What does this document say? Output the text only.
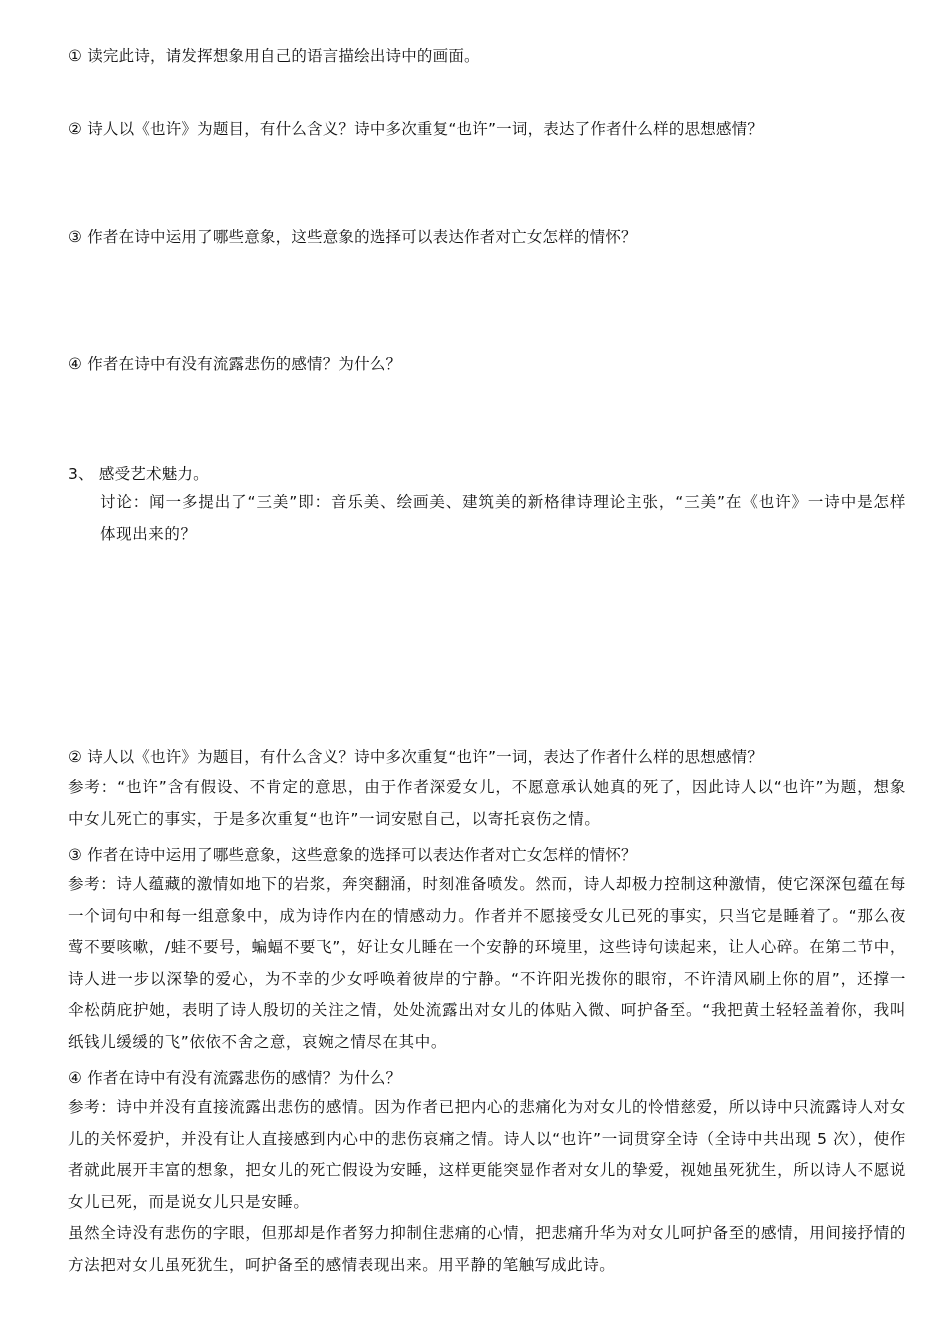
① 读完此诗，请发挥想象用自己的语言描绘出诗中的画面。
② 诗人以《也许》为题目，有什么含义？诗中多次重复“也许”一词，表达了作者什么样的思想感情？
③ 作者在诗中运用了哪些意象，这些意象的选择可以表达作者对亡女怎样的情怀？
④ 作者在诗中有没有流露悲伤的感情？为什么？
3、 感受艺术魅力。
讨论：闻一多提出了“三美”即：音乐美、绘画美、建筑美的新格律诗理论主张，“三美”在《也许》一诗中是怎样体现出来的？
② 诗人以《也许》为题目，有什么含义？诗中多次重复“也许”一词，表达了作者什么样的思想感情？
参考：“也许”含有假设、不肯定的意思，由于作者深爱女儿，不愿意承认她真的死了，因此诗人以“也许”为题，想象中女儿死亡的事实，于是多次重复“也许”一词安慰自己，以寄托哀伤之情。
③ 作者在诗中运用了哪些意象，这些意象的选择可以表达作者对亡女怎样的情怀？
参考：诗人蕴藏的激情如地下的岩浆，奔突翻涌，时刻准备喷发。然而，诗人却极力控制这种激情，使它深深包蕴在每一个词句中和每一组意象中，成为诗作内在的情感动力。作者并不愿接受女儿已死的事实，只当它是睡着了。“那么夜莺不要咳嗽，/蛙不要号，蝙蝠不要飞”，好让女儿睡在一个安静的环境里，这些诗句读起来，让人心碎。在第二节中，诗人进一步以深挚的爱心，为不幸的少女呼唤着彼岸的宁静。“不许阳光拨你的眼帘，不许清风刷上你的眉”，还撑一伞松荫庇护她，表明了诗人殷切的关注之情，处处流露出对女儿的体贴入微、呵护备至。“我把黄土轻轻盖着你，我叫纸钱儿缓缓的飞”依依不舍之意，哀婉之情尽在其中。
④ 作者在诗中有没有流露悲伤的感情？为什么？
参考：诗中并没有直接流露出悲伤的感情。因为作者已把内心的悲痛化为对女儿的怜惜慈爱，所以诗中只流露诗人对女儿的关怀爱护，并没有让人直接感到内心中的悲伤哀痛之情。诗人以“也许”一词贯穿全诗（全诗中共出现 5 次），使作者就此展开丰富的想象，把女儿的死亡假设为安睡，这样更能突显作者对女儿的挚爱，视她虽死犹生，所以诗人不愿说女儿已死，而是说女儿只是安睡。
虽然全诗没有悲伤的字眼，但那却是作者努力抑制住悲痛的心情，把悲痛升华为对女儿呵护备至的感情，用间接抒情的方法把对女儿虽死犹生，呵护备至的感情表现出来。用平静的笔触写成此诗。
